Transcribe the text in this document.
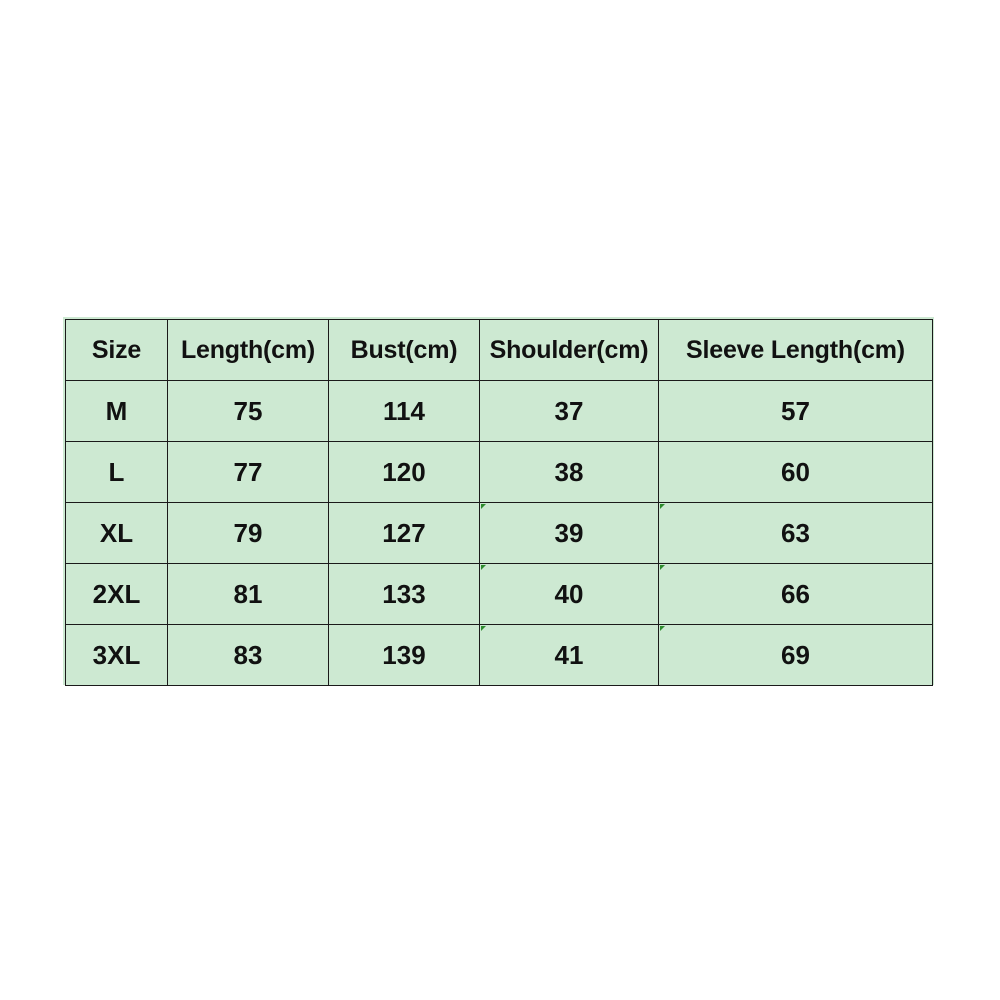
Size	Length(cm)	Bust(cm)	Shoulder(cm)	Sleeve Length(cm)
M	75	114	37	57
L	77	120	38	60
XL	79	127	39	63
2XL	81	133	40	66
3XL	83	139	41	69
